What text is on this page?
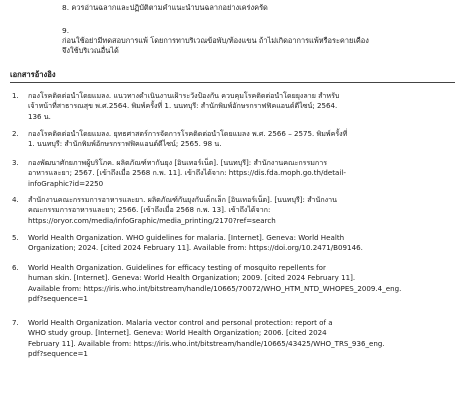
8. ควรอ่านฉลากและปฏิบัติตามคำแนะนำบนฉลากอย่างเคร่งครัด

9.
ก่อนใช้อย่ามีทดสอบการแพ้ โดยการทาบริเวณข้อพับ/ท้องแขน ถ้าไม่เกิดอาการแพ้หรือระคายเคือง
จึงใช้บริเวณอื่นได้

เอกสารอ้างอิง
1. กองโรคติดต่อนำโดยแมลง. แนวทางดำเนินงานเฝ้าระวังป้องกัน ควบคุมโรคติดต่อนำโดยยุงลาย สำหรับ
เจ้าหน้าที่สาธารณสุข พ.ศ.2564. พิมพ์ครั้งที่ 1. นนทบุรี: สำนักพิมพ์อักษรกราฟฟิคแอนด์ดีไซน์; 2564.
136 น.
2. กองโรคติดต่อนำโดยแมลง. ยุทธศาสตร์การจัดการโรคติดต่อนำโดยแมลง พ.ศ. 2566 – 2575. พิมพ์ครั้งที่
1. นนทบุรี: สำนักพิมพ์อักษรกราฟฟิคแอนด์ดีไซน์; 2565. 98 น.
3. กองพัฒนาศักยภาพผู้บริโภค. ผลิตภัณฑ์ทากันยุง [อินเทอร์เน็ต]. [นนทบุรี]: สำนักงานคณะกรรมการ
อาหารและยา; 2567. [เข้าถึงเมื่อ 2568 ก.พ. 11]. เข้าถึงได้จาก: https://dis.fda.moph.go.th/detail-
infoGraphic?id=2250
4. สำนักงานคณะกรรมการอาหารและยา. ผลิตภัณฑ์กันยุงกับเด็กเล็ก [อินเทอร์เน็ต]. [นนทบุรี]: สำนักงาน
คณะกรรมการอาหารและยา; 2566. [เข้าถึงเมื่อ 2568 ก.พ. 13]. เข้าถึงได้จาก:
https://oryor.com/media/infoGraphic/media_printing/2170?ref=search
5. World Health Organization. WHO guidelines for malaria. [Internet]. Geneva: World Health
Organization; 2024. [cited 2024 February 11]. Available from: https://doi.org/10.2471/B09146.
6. World Health Organization. Guidelines for efficacy testing of mosquito repellents for
human skin. [Internet]. Geneva: World Health Organization; 2009. [cited 2024 February 11].
Available from: https://iris.who.int/bitstream/handle/10665/70072/WHO_HTM_NTD_WHOPES_2009.4_eng.
pdf?sequence=1
7. World Health Organization. Malaria vector control and personal protection: report of a
WHO study group. [Internet]. Geneva: World Health Organization; 2006. [cited 2024
February 11]. Available from: https://iris.who.int/bitstream/handle/10665/43425/WHO_TRS_936_eng.
pdf?sequence=1
